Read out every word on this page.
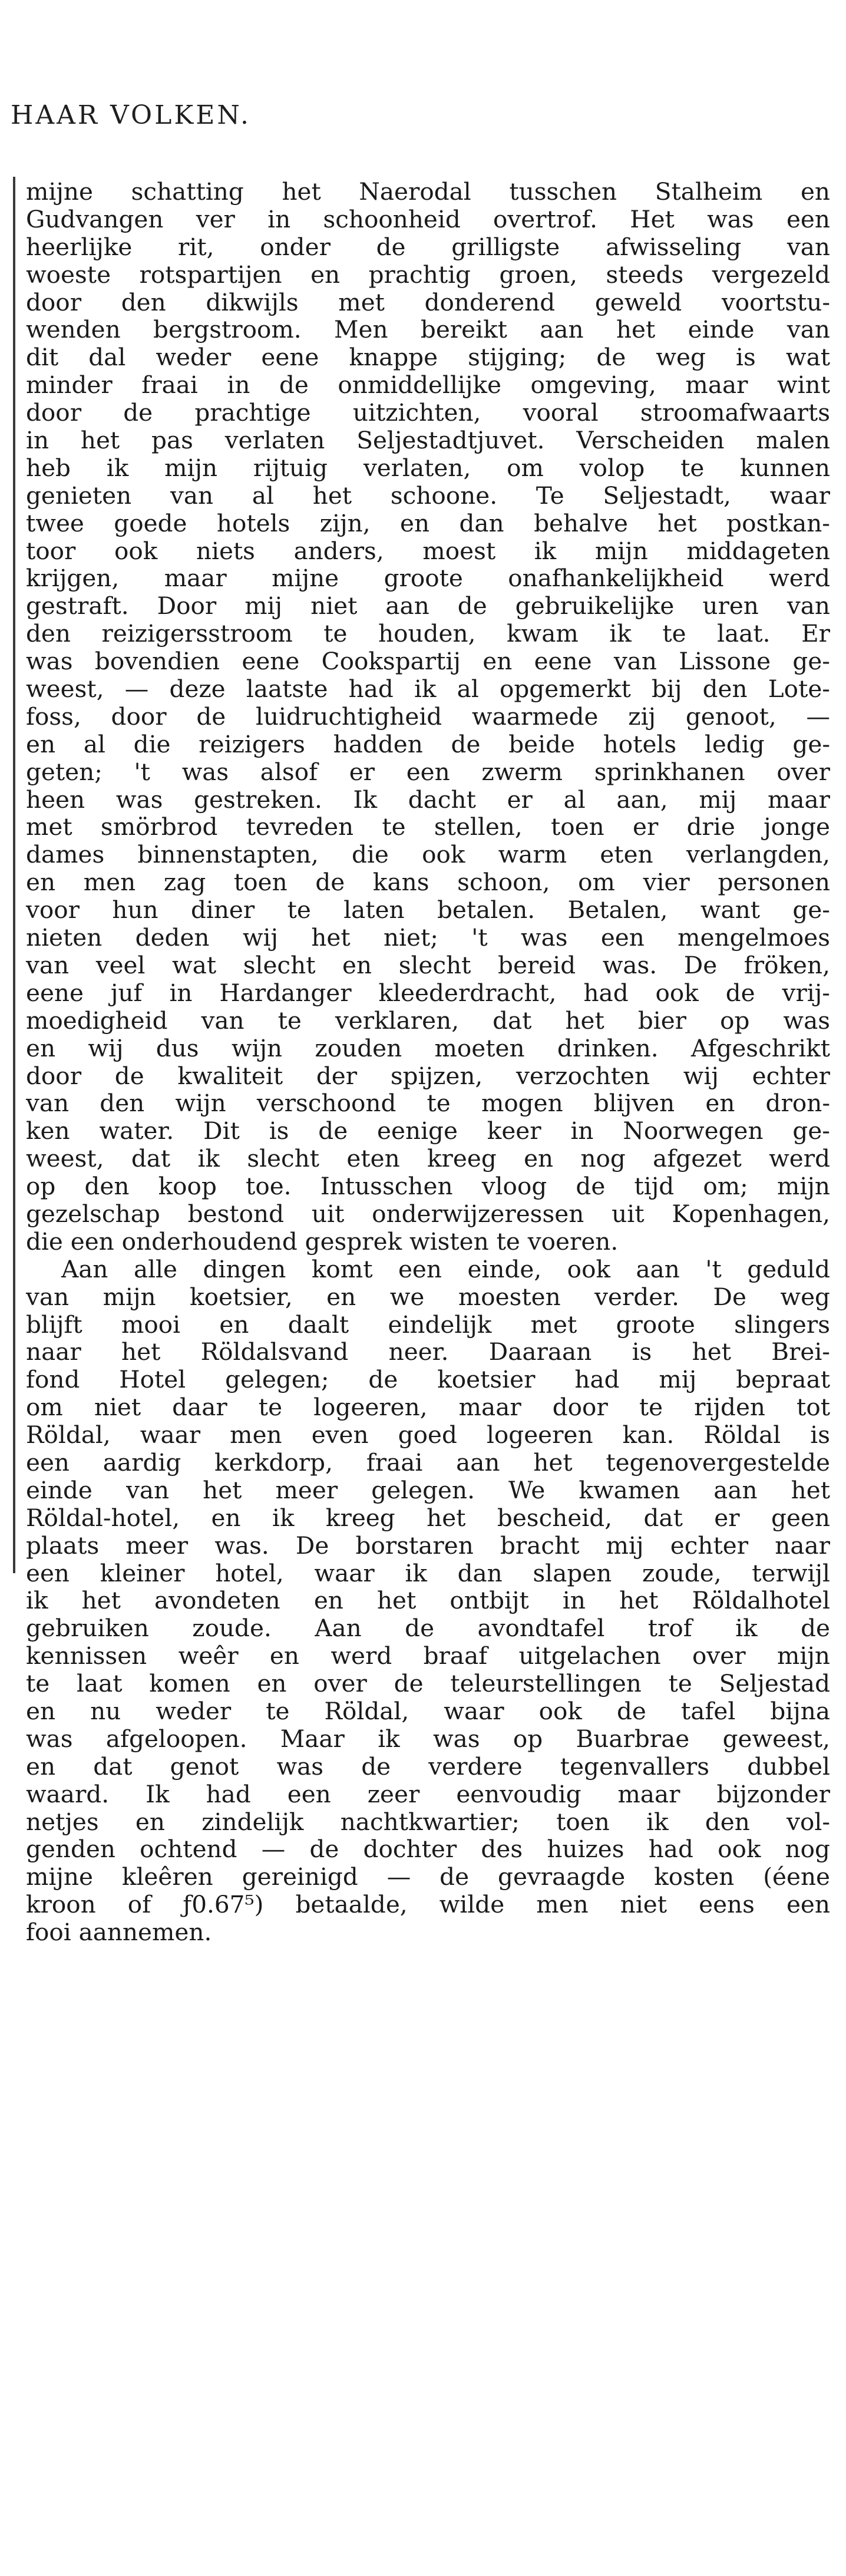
HAAR VOLKEN.
mijne schatting het Naerodal tusschen Stalheim en
Gudvangen ver in schoonheid overtrof. Het was een
heerlijke rit, onder de grilligste afwisseling van
woeste rotspartijen en prachtig groen, steeds vergezeld
door den dikwijls met donderend geweld voortstu-
wenden bergstroom. Men bereikt aan het einde van
dit dal weder eene knappe stijging; de weg is wat
minder fraai in de onmiddellijke omgeving, maar wint
door de prachtige uitzichten, vooral stroomafwaarts
in het pas verlaten Seljestadtjuvet. Verscheiden malen
heb ik mijn rijtuig verlaten, om volop te kunnen
genieten van al het schoone. Te Seljestadt, waar
twee goede hotels zijn, en dan behalve het postkan-
toor ook niets anders, moest ik mijn middageten
krijgen, maar mijne groote onafhankelijkheid werd
gestraft. Door mij niet aan de gebruikelijke uren van
den reizigersstroom te houden, kwam ik te laat. Er
was bovendien eene Cookspartij en eene van Lissone ge-
weest, — deze laatste had ik al opgemerkt bij den Lote-
foss, door de luidruchtigheid waarmede zij genoot, —
en al die reizigers hadden de beide hotels ledig ge-
geten; 't was alsof er een zwerm sprinkhanen over
heen was gestreken. Ik dacht er al aan, mij maar
met smörbrod tevreden te stellen, toen er drie jonge
dames binnenstapten, die ook warm eten verlangden,
en men zag toen de kans schoon, om vier personen
voor hun diner te laten betalen. Betalen, want ge-
nieten deden wij het niet; 't was een mengelmoes
van veel wat slecht en slecht bereid was. De fröken,
eene juf in Hardanger kleederdracht, had ook de vrij-
moedigheid van te verklaren, dat het bier op was
en wij dus wijn zouden moeten drinken. Afgeschrikt
door de kwaliteit der spijzen, verzochten wij echter
van den wijn verschoond te mogen blijven en dron-
ken water. Dit is de eenige keer in Noorwegen ge-
weest, dat ik slecht eten kreeg en nog afgezet werd
op den koop toe. Intusschen vloog de tijd om; mijn
gezelschap bestond uit onderwijzeressen uit Kopenhagen,
die een onderhoudend gesprek wisten te voeren.
Aan alle dingen komt een einde, ook aan 't geduld
van mijn koetsier, en we moesten verder. De weg
blijft mooi en daalt eindelijk met groote slingers
naar het Röldalsvand neer. Daaraan is het Brei-
fond Hotel gelegen; de koetsier had mij bepraat
om niet daar te logeeren, maar door te rijden tot
Röldal, waar men even goed logeeren kan. Röldal is
een aardig kerkdorp, fraai aan het tegenovergestelde
einde van het meer gelegen. We kwamen aan het
Röldal-hotel, en ik kreeg het bescheid, dat er geen
plaats meer was. De borstaren bracht mij echter naar
een kleiner hotel, waar ik dan slapen zoude, terwijl
ik het avondeten en het ontbijt in het Röldalhotel
gebruiken zoude. Aan de avondtafel trof ik de
kennissen weêr en werd braaf uitgelachen over mijn
te laat komen en over de teleurstellingen te Seljestad
en nu weder te Röldal, waar ook de tafel bijna
was afgeloopen. Maar ik was op Buarbrae geweest,
en dat genot was de verdere tegenvallers dubbel
waard. Ik had een zeer eenvoudig maar bijzonder
netjes en zindelijk nachtkwartier; toen ik den vol-
genden ochtend — de dochter des huizes had ook nog
mijne kleêren gereinigd — de gevraagde kosten (éene
kroon of ƒ0.67⁵) betaalde, wilde men niet eens een
fooi aannemen.
